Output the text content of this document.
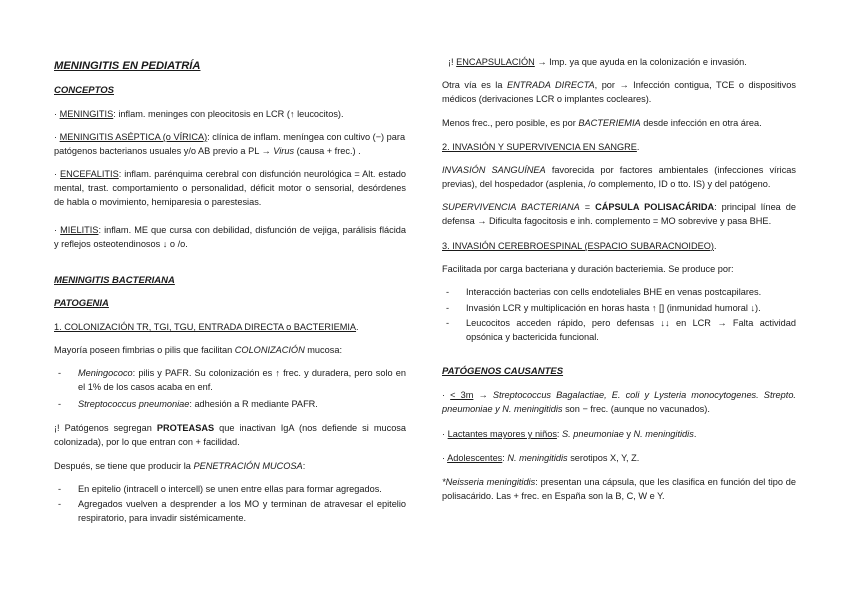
MENINGITIS EN PEDIATRÍA

CONCEPTOS

· MENINGITIS: inflam. meninges con pleocitosis en LCR (↑ leucocitos).

· MENINGITIS ASÉPTICA (o VÍRICA): clínica de inflam. meníngea con cultivo (−) para patógenos bacterianos usuales y/o AB previo a PL → Virus (causa + frec.) .

· ENCEFALITIS: inflam. parénquima cerebral con disfunción neurológica = Alt. estado mental, trast. comportamiento o personalidad, déficit motor o sensorial, desórdenes de habla o movimiento, hemiparesia o parestesias.

· MIELITIS: inflam. ME que cursa con debilidad, disfunción de vejiga, parálisis flácida y reflejos osteotendinosos ↓ o /o.

MENINGITIS BACTERIANA

PATOGENIA

1. COLONIZACIÓN TR, TGI, TGU, ENTRADA DIRECTA o BACTERIEMIA.

Mayoría poseen fimbrias o pilis que facilitan COLONIZACIÓN mucosa:

- Meningococo: pilis y PAFR. Su colonización es ↑ frec. y duradera, pero solo en el 1% de los casos acaba en enf.
- Streptococcus pneumoniae: adhesión a R mediante PAFR.

¡! Patógenos segregan PROTEASAS que inactivan IgA (nos defiende si mucosa colonizada), por lo que entran con + facilidad.

Después, se tiene que producir la PENETRACIÓN MUCOSA:

- En epitelio (intracell o intercell) se unen entre ellas para formar agregados.
- Agregados vuelven a desprender a los MO y terminan de atravesar el epitelio respiratorio, para invadir sistémicamente.

¡! ENCAPSULACIÓN → Imp. ya que ayuda en la colonización e invasión.

Otra vía es la ENTRADA DIRECTA, por → Infección contigua, TCE o dispositivos médicos (derivaciones LCR o implantes cocleares).

Menos frec., pero posible, es por BACTERIEMIA desde infección en otra área.

2. INVASIÓN Y SUPERVIVENCIA EN SANGRE.

INVASIÓN SANGUÍNEA favorecida por factores ambientales (infecciones víricas previas), del hospedador (asplenia, /o complemento, ID o tto. IS) y del patógeno.

SUPERVIVENCIA BACTERIANA = CÁPSULA POLISACÁRIDA: principal línea de defensa → Dificulta fagocitosis e inh. complemento = MO sobrevive y pasa BHE.

3. INVASIÓN CEREBROESPINAL (ESPACIO SUBARACNOIDEO).

Facilitada por carga bacteriana y duración bacteriemia. Se produce por:

- Interacción bacterias con cells endoteliales BHE en venas postcapilares.
- Invasión LCR y multiplicación en horas hasta ↑ [] (inmunidad humoral ↓).
- Leucocitos acceden rápido, pero defensas ↓↓ en LCR → Falta actividad opsónica y bactericida funcional.

PATÓGENOS CAUSANTES

· < 3m → Streptococcus Bagalactiae, E. coli y Lysteria monocytogenes. Strepto. pneumoniae y N. meningitidis son − frec. (aunque no vacunados).

· Lactantes mayores y niños: S. pneumoniae y N. meningitidis.

· Adolescentes: N. meningitidis serotipos X, Y, Z.

*Neisseria meningitidis: presentan una cápsula, que les clasifica en función del tipo de polisacárido. Las + frec. en España son la B, C, W e Y.
